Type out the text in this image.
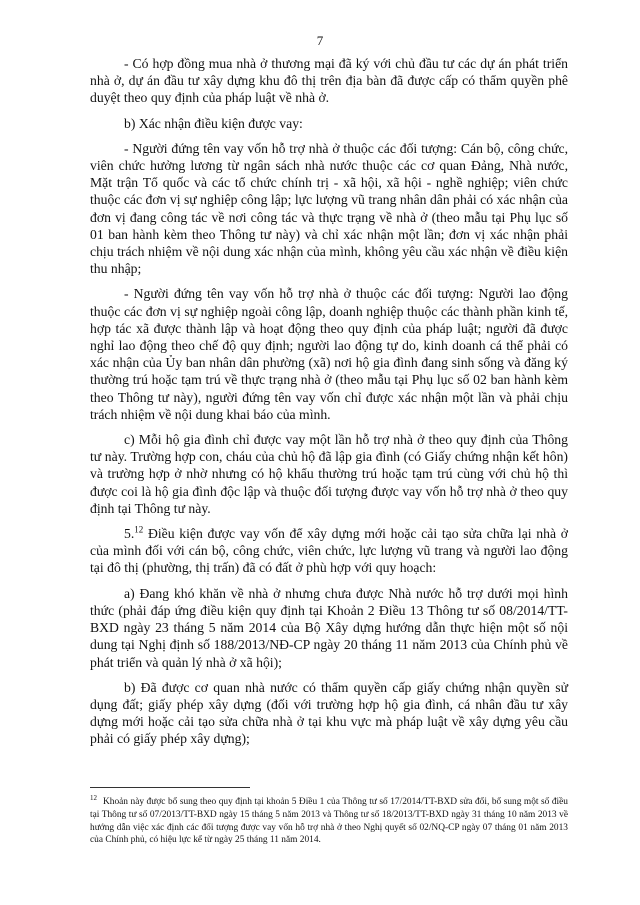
7

- Có hợp đồng mua nhà ở thương mại đã ký với chủ đầu tư các dự án phát triển nhà ở, dự án đầu tư xây dựng khu đô thị trên địa bàn đã được cấp có thẩm quyền phê duyệt theo quy định của pháp luật về nhà ở.

b) Xác nhận điều kiện được vay:

- Người đứng tên vay vốn hỗ trợ nhà ở thuộc các đối tượng: Cán bộ, công chức, viên chức hưởng lương từ ngân sách nhà nước thuộc các cơ quan Đảng, Nhà nước, Mặt trận Tổ quốc và các tổ chức chính trị - xã hội, xã hội - nghề nghiệp; viên chức thuộc các đơn vị sự nghiệp công lập; lực lượng vũ trang nhân dân phải có xác nhận của đơn vị đang công tác về nơi công tác và thực trạng về nhà ở (theo mẫu tại Phụ lục số 01 ban hành kèm theo Thông tư này) và chỉ xác nhận một lần; đơn vị xác nhận phải chịu trách nhiệm về nội dung xác nhận của mình, không yêu cầu xác nhận về điều kiện thu nhập;

- Người đứng tên vay vốn hỗ trợ nhà ở thuộc các đối tượng: Người lao động thuộc các đơn vị sự nghiệp ngoài công lập, doanh nghiệp thuộc các thành phần kinh tế, hợp tác xã được thành lập và hoạt động theo quy định của pháp luật; người đã được nghỉ lao động theo chế độ quy định; người lao động tự do, kinh doanh cá thể phải có xác nhận của Ủy ban nhân dân phường (xã) nơi hộ gia đình đang sinh sống và đăng ký thường trú hoặc tạm trú về thực trạng nhà ở (theo mẫu tại Phụ lục số 02 ban hành kèm theo Thông tư này), người đứng tên vay vốn chỉ được xác nhận một lần và phải chịu trách nhiệm về nội dung khai báo của mình.

c) Mỗi hộ gia đình chỉ được vay một lần hỗ trợ nhà ở theo quy định của Thông tư này. Trường hợp con, cháu của chủ hộ đã lập gia đình (có Giấy chứng nhận kết hôn) và trường hợp ở nhờ nhưng có hộ khẩu thường trú hoặc tạm trú cùng với chủ hộ thì được coi là hộ gia đình độc lập và thuộc đối tượng được vay vốn hỗ trợ nhà ở theo quy định tại Thông tư này.

5.12 Điều kiện được vay vốn để xây dựng mới hoặc cải tạo sửa chữa lại nhà ở của mình đối với cán bộ, công chức, viên chức, lực lượng vũ trang và người lao động tại đô thị (phường, thị trấn) đã có đất ở phù hợp với quy hoạch:

a) Đang khó khăn về nhà ở nhưng chưa được Nhà nước hỗ trợ dưới mọi hình thức (phải đáp ứng điều kiện quy định tại Khoản 2 Điều 13 Thông tư số 08/2014/TT-BXD ngày 23 tháng 5 năm 2014 của Bộ Xây dựng hướng dẫn thực hiện một số nội dung tại Nghị định số 188/2013/NĐ-CP ngày 20 tháng 11 năm 2013 của Chính phủ về phát triển và quản lý nhà ở xã hội);

b) Đã được cơ quan nhà nước có thẩm quyền cấp giấy chứng nhận quyền sử dụng đất; giấy phép xây dựng (đối với trường hợp hộ gia đình, cá nhân đầu tư xây dựng mới hoặc cải tạo sửa chữa nhà ở tại khu vực mà pháp luật về xây dựng yêu cầu phải có giấy phép xây dựng);

$^{12}$ Khoản này được bổ sung theo quy định tại khoản 5 Điều 1 của Thông tư số 17/2014/TT-BXD sửa đổi, bổ sung một số điều tại Thông tư số 07/2013/TT-BXD ngày 15 tháng 5 năm 2013 và Thông tư số 18/2013/TT-BXD ngày 31 tháng 10 năm 2013 về hướng dẫn việc xác định các đối tượng được vay vốn hỗ trợ nhà ở theo Nghị quyết số 02/NQ-CP ngày 07 tháng 01 năm 2013 của Chính phủ, có hiệu lực kể từ ngày 25 tháng 11 năm 2014.
